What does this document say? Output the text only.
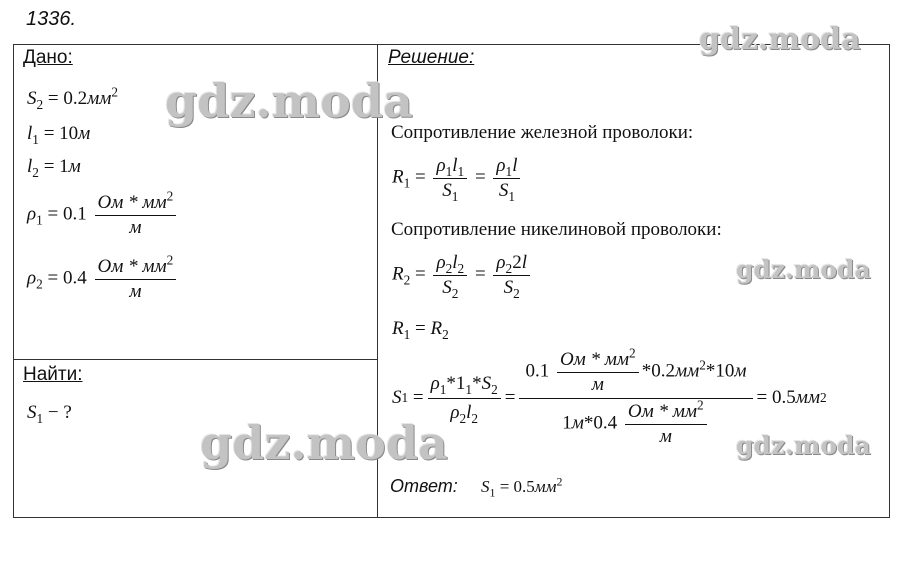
1336.
Дано:
$S_2 = 0.2мм^2$
$l_1 = 10м$
$l_2 = 1м$
$\rho_1 = 0.1 \frac{Ом * мм^2}{м}$
$\rho_2 = 0.4 \frac{Ом * мм^2}{м}$
Найти:
$S_1$ − ?
Решение:
Сопротивление железной проволоки:
$R_1 = \frac{\rho_1l_1}{S_1} = \frac{\rho_1l}{S_1}$
Сопротивление никелиновой проволоки:
$R_2 = \frac{\rho_2l_2}{S_2} = \frac{\rho_22l}{S_2}$
$R_1 = R_2$
S $1 = \frac{\rho_1*1_1*S_2}{\rho_2l_2} = \frac{0.1 \frac{Ом * мм^2}{м} *0.2мм^2*10м}{1м*0.4 \frac{Ом * мм^2}{м}} = 0.5$ мм 2
Ответ: $S_1 = 0.5мм^2$
gdz.moda
gdz.moda
gdz.moda
gdz.moda	gdz.moda
